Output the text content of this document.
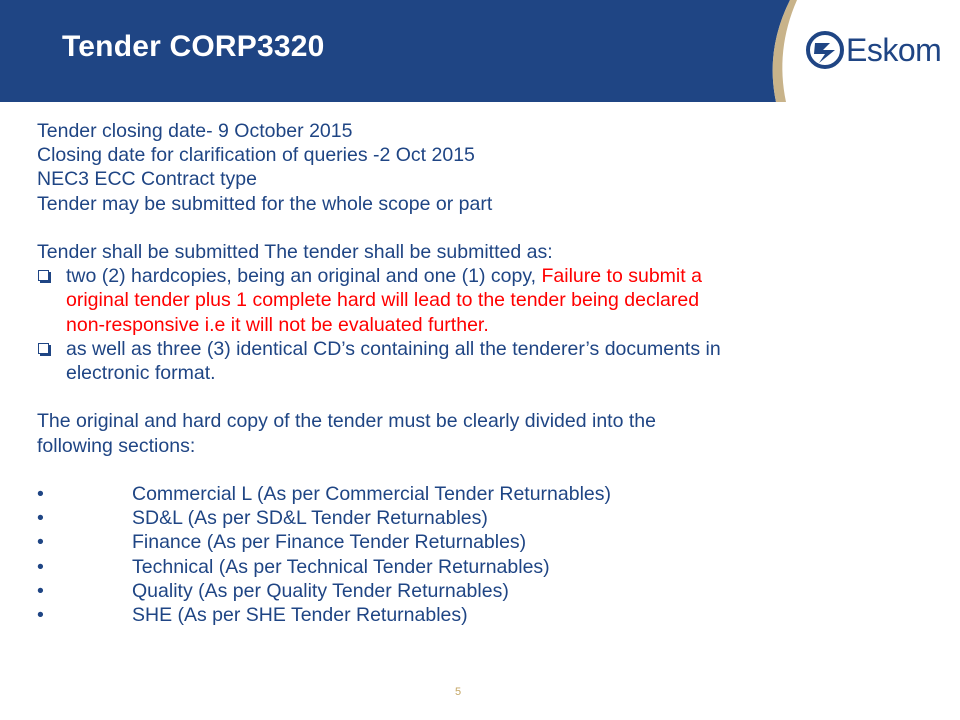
Tender CORP3320	Eskom
Tender closing date- 9 October 2015
Closing date for clarification of queries -2 Oct 2015
NEC3 ECC Contract type
Tender may be submitted for the whole scope or part
Tender shall be submitted The tender shall be submitted as:
two (2) hardcopies, being an original and one (1) copy, Failure to submit a
original tender plus 1 complete hard will lead to the tender being declared
non-responsive i.e it will not be evaluated further.
as well as three (3) identical CD’s containing all the tenderer’s documents in
electronic format.
The original and hard copy of the tender must be clearly divided into the
following sections:
•	Commercial L (As per Commercial Tender Returnables)
•	SD&L (As per SD&L Tender Returnables)
•	Finance (As per Finance Tender Returnables)
•	Technical (As per Technical Tender Returnables)
•	Quality (As per Quality Tender Returnables)
•	SHE (As per SHE Tender Returnables)
5
